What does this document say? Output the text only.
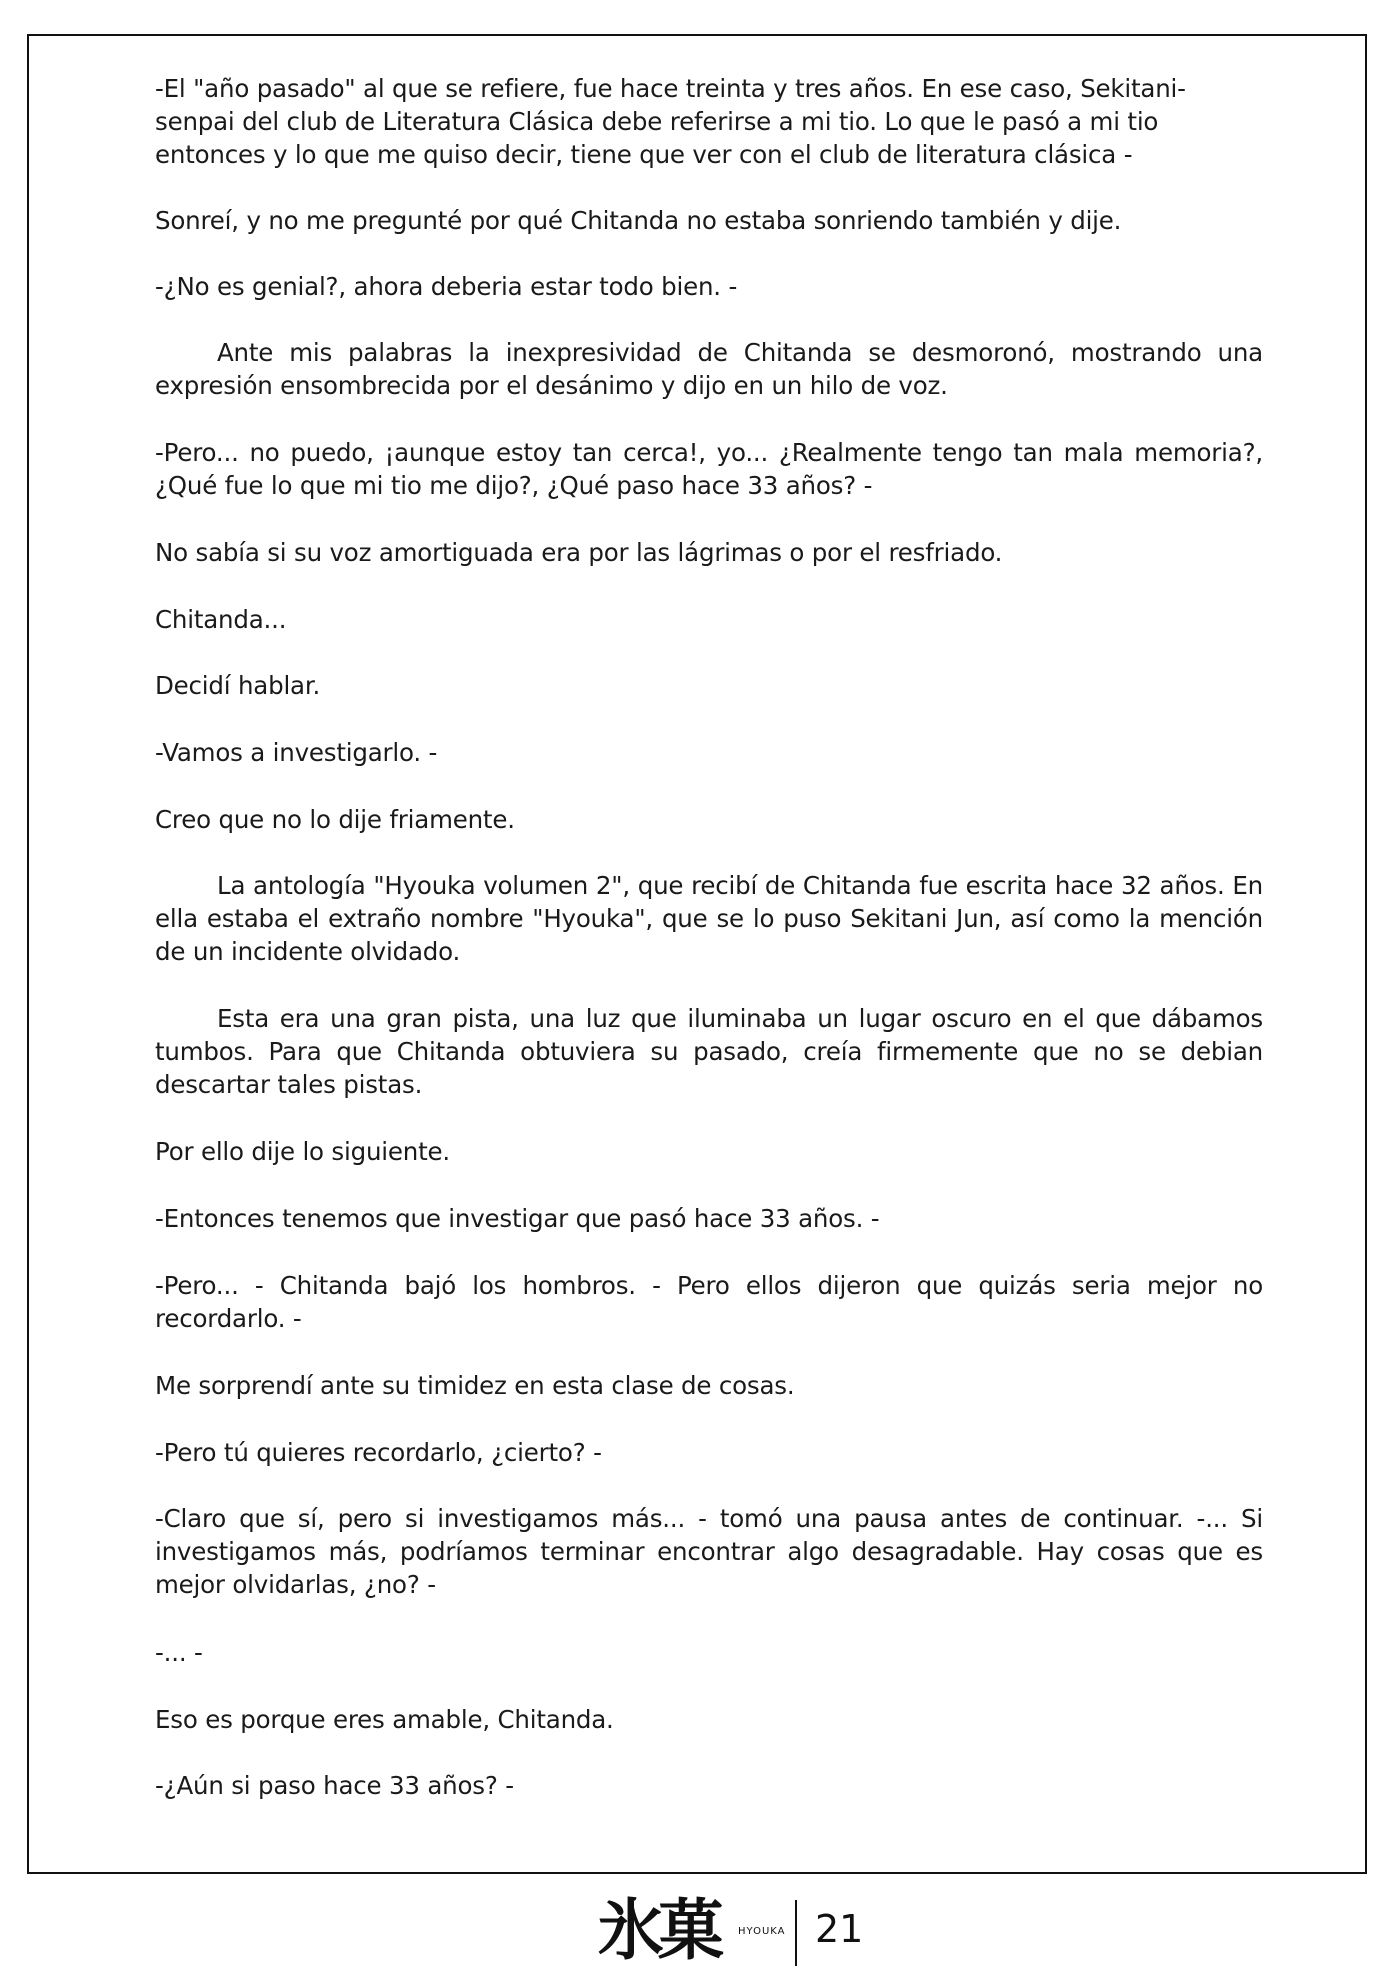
-El "año pasado" al que se refiere, fue hace treinta y tres años. En ese caso, Sekitani-senpai del club de Literatura Clásica debe referirse a mi tio. Lo que le pasó a mi tio entonces y lo que me quiso decir, tiene que ver con el club de literatura clásica -

Sonreí, y no me pregunté por qué Chitanda no estaba sonriendo también y dije.

-¿No es genial?, ahora deberia estar todo bien. -

Ante mis palabras la inexpresividad de Chitanda se desmoronó, mostrando una expresión ensombrecida por el desánimo y dijo en un hilo de voz.

-Pero... no puedo, ¡aunque estoy tan cerca!, yo... ¿Realmente tengo tan mala memoria?, ¿Qué fue lo que mi tio me dijo?, ¿Qué paso hace 33 años? -

No sabía si su voz amortiguada era por las lágrimas o por el resfriado.

Chitanda...

Decidí hablar.

-Vamos a investigarlo. -

Creo que no lo dije friamente.

La antología "Hyouka volumen 2", que recibí de Chitanda fue escrita hace 32 años. En ella estaba el extraño nombre "Hyouka", que se lo puso Sekitani Jun, así como la mención de un incidente olvidado.

Esta era una gran pista, una luz que iluminaba un lugar oscuro en el que dábamos tumbos. Para que Chitanda obtuviera su pasado, creía firmemente que no se debian descartar tales pistas.

Por ello dije lo siguiente.

-Entonces tenemos que investigar que pasó hace 33 años. -

-Pero... - Chitanda bajó los hombros. - Pero ellos dijeron que quizás seria mejor no recordarlo. -

Me sorprendí ante su timidez en esta clase de cosas.

-Pero tú quieres recordarlo, ¿cierto? -

-Claro que sí, pero si investigamos más... - tomó una pausa antes de continuar. -... Si investigamos más, podríamos terminar encontrar algo desagradable. Hay cosas que es mejor olvidarlas, ¿no? -

-... -

Eso es porque eres amable, Chitanda.

-¿Aún si paso hace 33 años? -

氷菓 HYOUKA 21
